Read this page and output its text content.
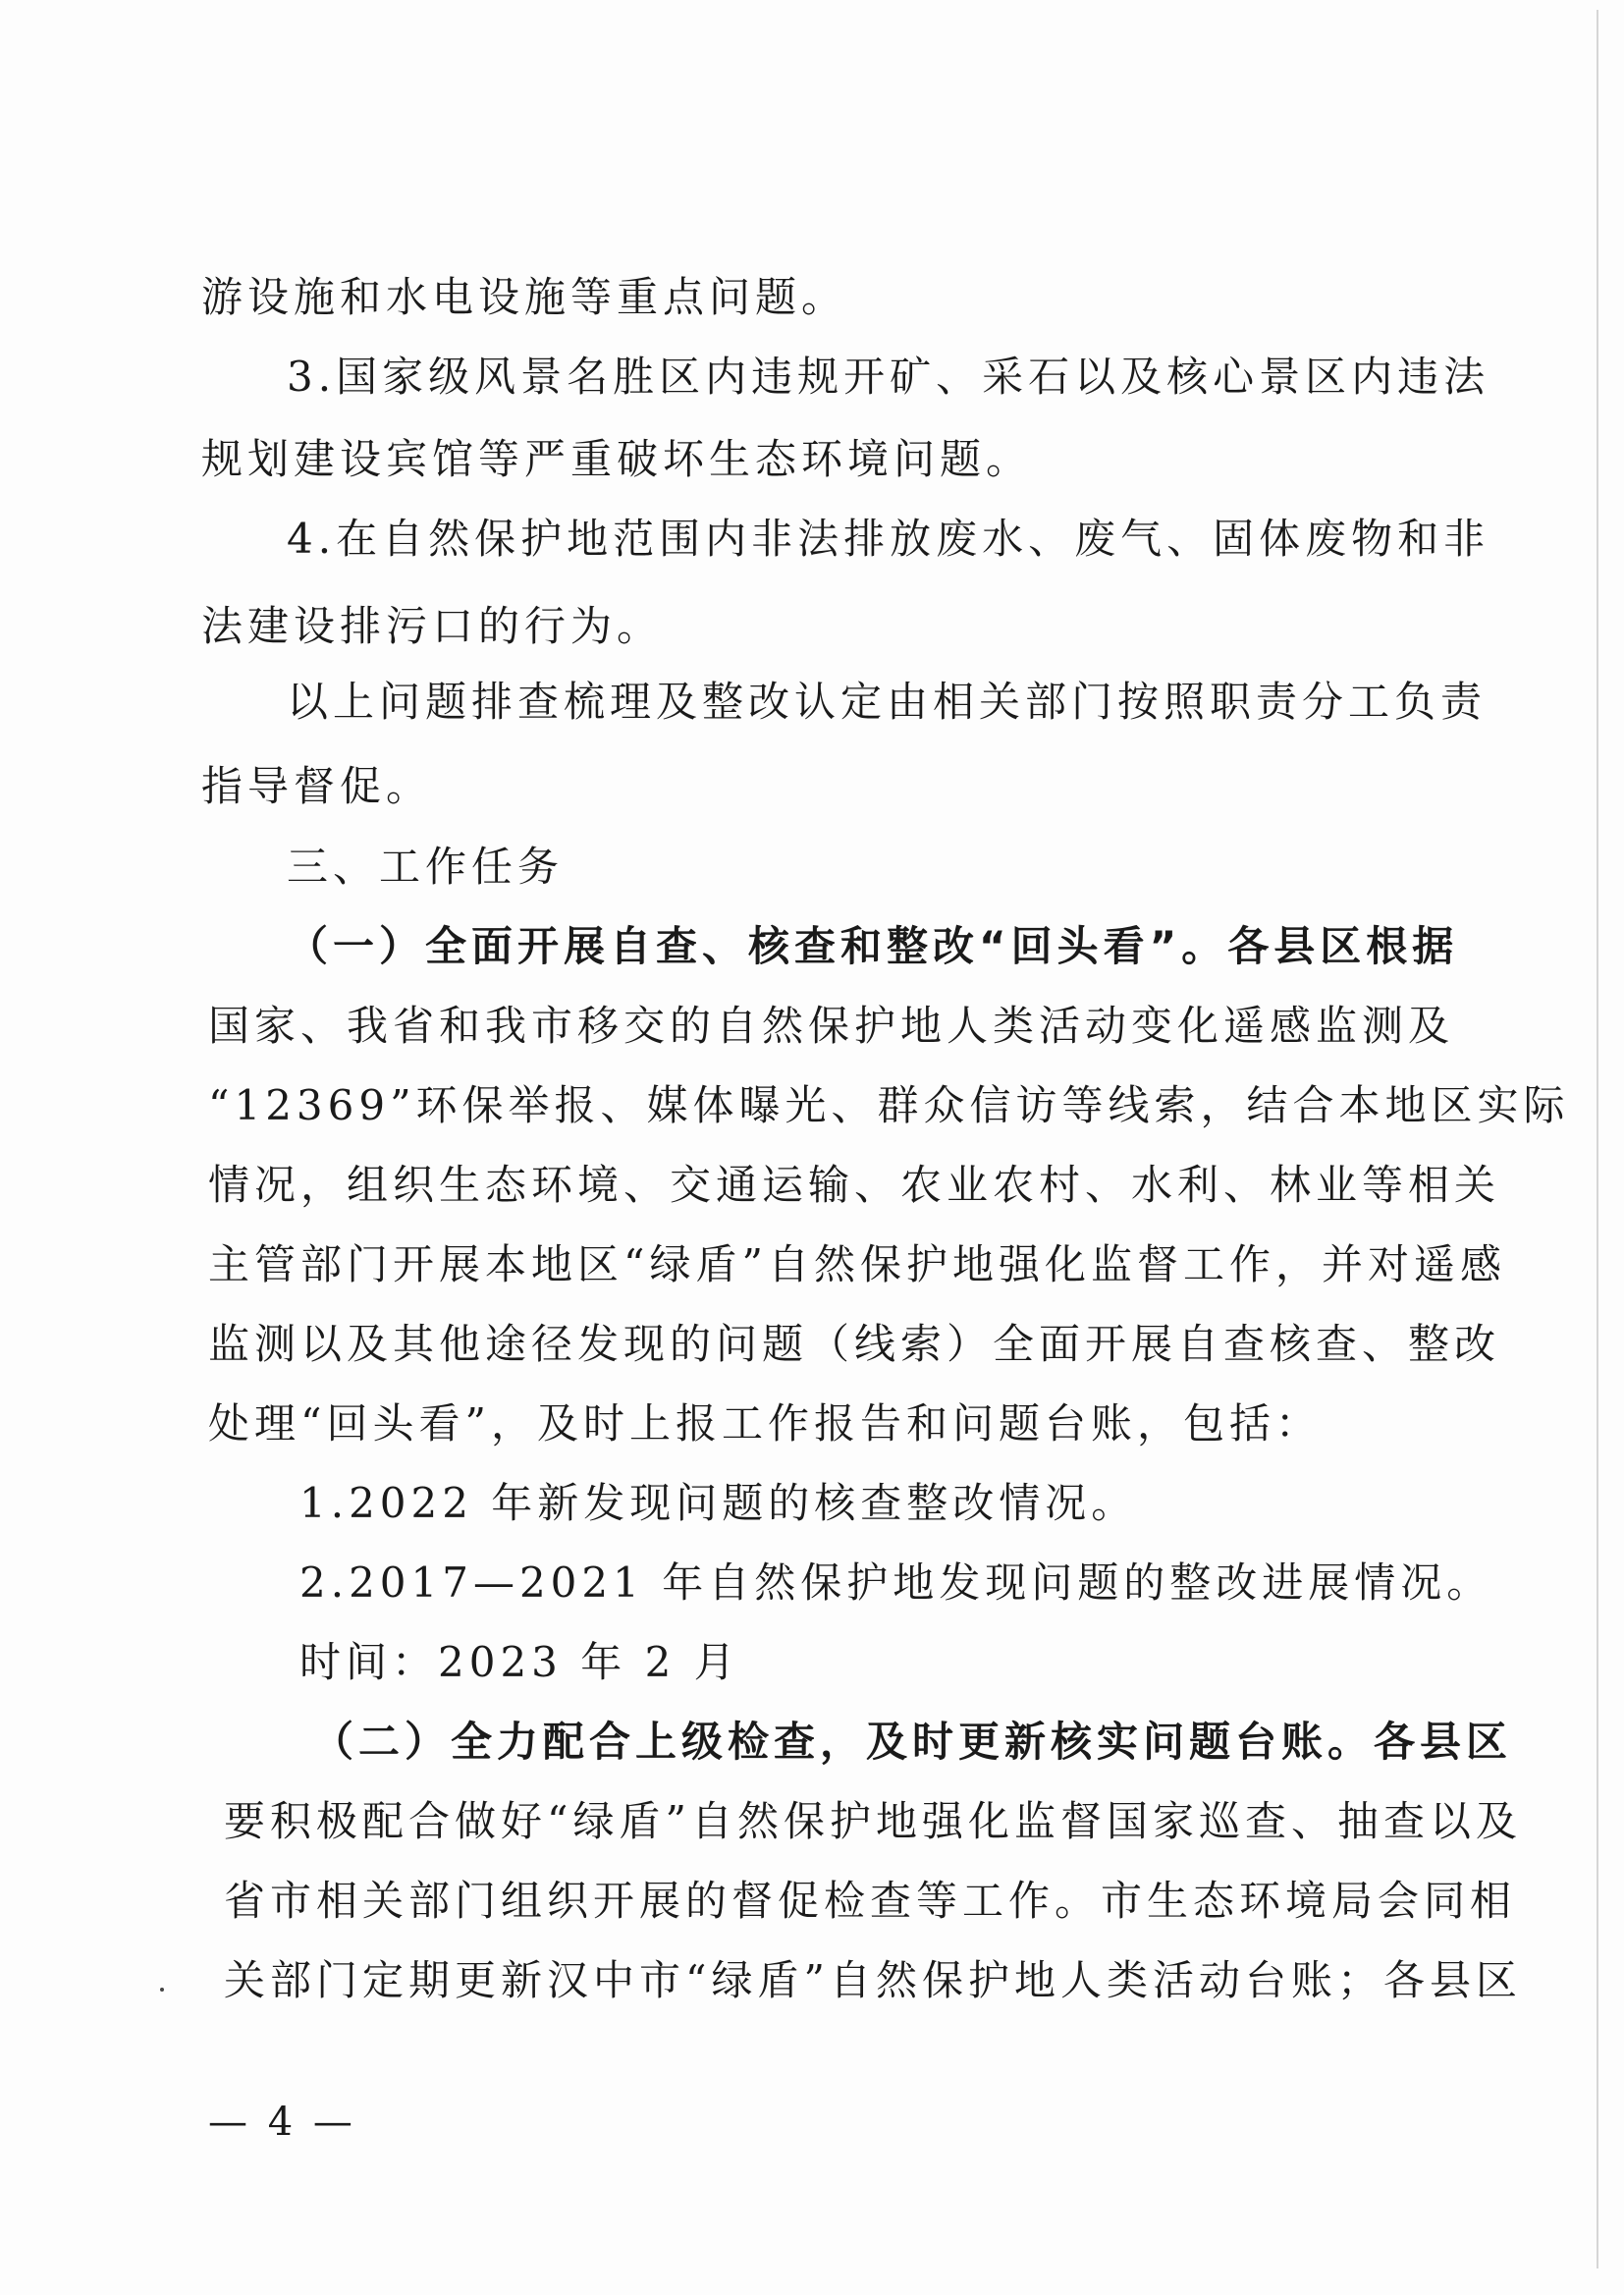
游设施和水电设施等重点问题。
3.国家级风景名胜区内违规开矿、采石以及核心景区内违法
规划建设宾馆等严重破坏生态环境问题。
4.在自然保护地范围内非法排放废水、废气、固体废物和非
法建设排污口的行为。
以上问题排查梳理及整改认定由相关部门按照职责分工负责
指导督促。
三、工作任务
（一）全面开展自查、核查和整改“回头看”。各县区根据
国家、我省和我市移交的自然保护地人类活动变化遥感监测及
“12369”环保举报、媒体曝光、群众信访等线索，结合本地区实际
情况，组织生态环境、交通运输、农业农村、水利、林业等相关
主管部门开展本地区“绿盾”自然保护地强化监督工作，并对遥感
监测以及其他途径发现的问题（线索）全面开展自查核查、整改
处理“回头看”，及时上报工作报告和问题台账，包括：
1.2022 年新发现问题的核查整改情况。
2.2017—2021 年自然保护地发现问题的整改进展情况。
时间：2023 年 2 月
（二）全力配合上级检查，及时更新核实问题台账。各县区
要积极配合做好“绿盾”自然保护地强化监督国家巡查、抽查以及
省市相关部门组织开展的督促检查等工作。市生态环境局会同相
关部门定期更新汉中市“绿盾”自然保护地人类活动台账；各县区
— 4 —
